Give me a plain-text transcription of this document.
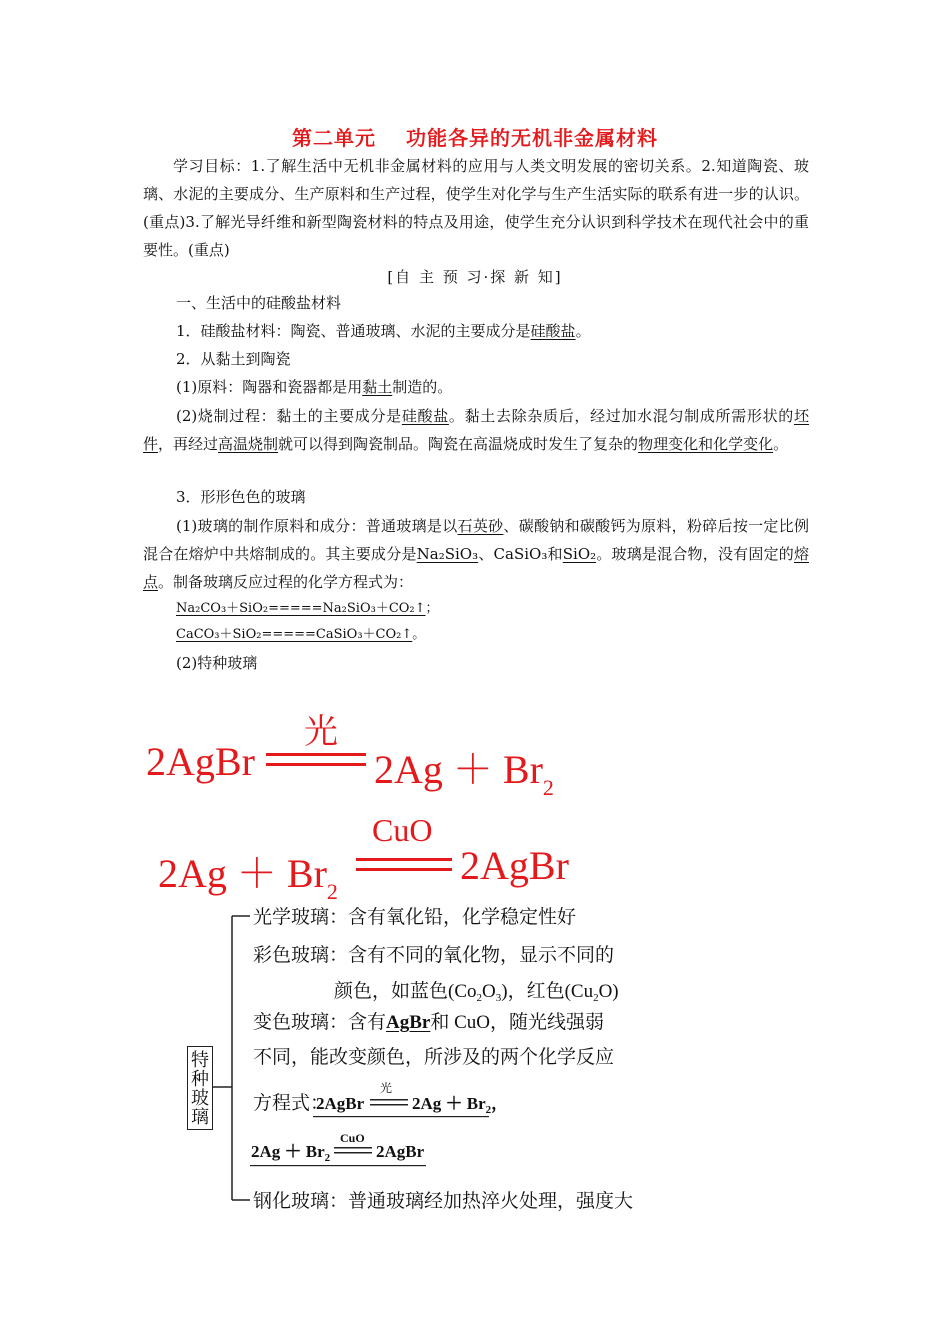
第二单元 功能各异的无机非金属材料
学习目标：1.了解生活中无机非金属材料的应用与人类文明发展的密切关系。2.知道陶瓷、玻璃、水泥的主要成分、生产原料和生产过程，使学生对化学与生产生活实际的联系有进一步的认识。(重点)3.了解光导纤维和新型陶瓷材料的特点及用途，使学生充分认识到科学技术在现代社会中的重要性。(重点)
[自 主 预 习·探 新 知]
一、生活中的硅酸盐材料
1．硅酸盐材料：陶瓷、普通玻璃、水泥的主要成分是硅酸盐。
2．从黏土到陶瓷
(1)原料：陶器和瓷器都是用黏土制造的。
(2)烧制过程：黏土的主要成分是硅酸盐。黏土去除杂质后，经过加水混匀制成所需形状的坯件，再经过高温烧制就可以得到陶瓷制品。陶瓷在高温烧成时发生了复杂的物理变化和化学变化。
3．形形色色的玻璃
(1)玻璃的制作原料和成分：普通玻璃是以石英砂、碳酸钠和碳酸钙为原料，粉碎后按一定比例混合在熔炉中共熔制成的。其主要成分是Na₂SiO₃、CaSiO₃和SiO₂。玻璃是混合物，没有固定的熔点。制备玻璃反应过程的化学方程式为：
Na₂CO₃＋SiO₂=====Na₂SiO₃＋CO₂↑；
CaCO₃＋SiO₂=====CaSiO₃＋CO₂↑。
(2)特种玻璃
2AgBr
光
$2Ag + Br_2$
$2Ag + Br_2$
CuO
2AgBr
特种玻璃
光学玻璃：含有氧化铅，化学稳定性好
彩色玻璃：含有不同的氧化物，显示不同的
颜色，如蓝色$(Co_2O_3)$，红色$(Cu_2O)$
变色玻璃：含有AgBr和 CuO，随光线强弱
不同，能改变颜色，所涉及的两个化学反应
方程式：
2AgBr
光
$2Ag + Br_2$，
$2Ag + Br_2$
CuO
2AgBr
钢化玻璃：普通玻璃经加热淬火处理，强度大
